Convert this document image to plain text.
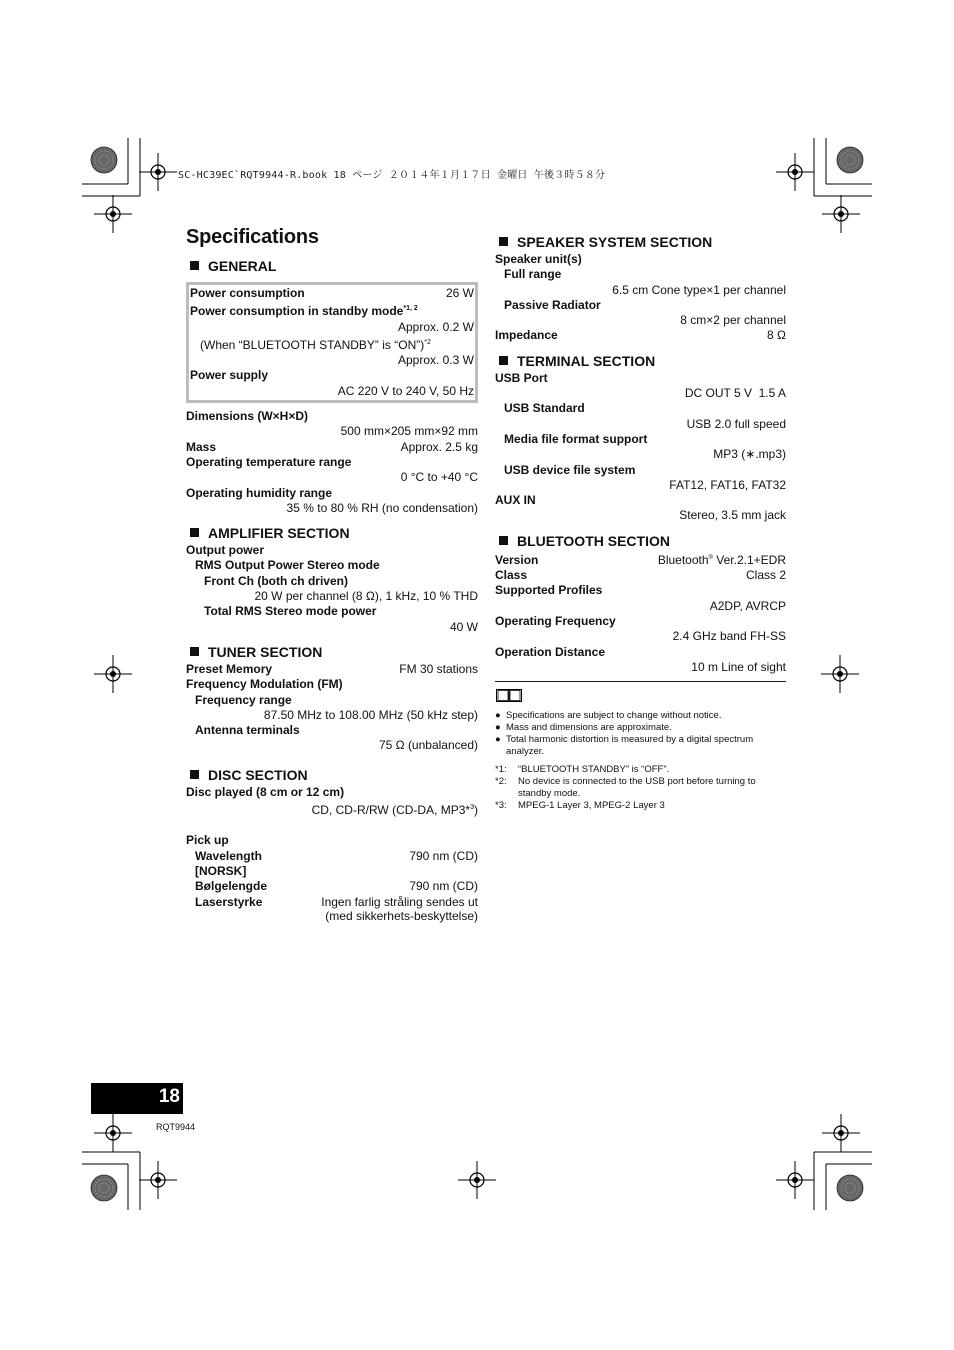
SC-HC39EC`RQT9944-R.book 18 ページ ２０１４年１月１７日 金曜日 午後３時５８分
Specifications
GENERAL
Power consumption	26 W
Power consumption in standby mode$^{*1, 2}$
Approx. 0.2 W
(When “BLUETOOTH STANDBY” is “ON”)$^{*2}$
Approx. 0.3 W
Power supply
AC 220 V to 240 V, 50 Hz
Dimensions (W×H×D)
500 mm×205 mm×92 mm
Mass	Approx. 2.5 kg
Operating temperature range
0 °C to +40 °C
Operating humidity range
35 % to 80 % RH (no condensation)
AMPLIFIER SECTION
Output power
RMS Output Power Stereo mode
Front Ch (both ch driven)
20 W per channel (8 Ω), 1 kHz, 10 % THD
Total RMS Stereo mode power
40 W
TUNER SECTION
Preset Memory	FM 30 stations
Frequency Modulation (FM)
Frequency range
87.50 MHz to 108.00 MHz (50 kHz step)
Antenna terminals
75 Ω (unbalanced)
DISC SECTION
Disc played (8 cm or 12 cm)
CD, CD-R/RW (CD-DA, MP3*$^3$)
Pick up
Wavelength	790 nm (CD)
[NORSK]
Bølgelengde	790 nm (CD)
Laserstyrke	Ingen farlig stråling sendes ut
(med sikkerhets-beskyttelse)
SPEAKER SYSTEM SECTION
Speaker unit(s)
Full range
6.5 cm Cone type×1 per channel
Passive Radiator
8 cm×2 per channel
Impedance	8 Ω
TERMINAL SECTION
USB Port
DC OUT 5 V  1.5 A
USB Standard
USB 2.0 full speed
Media file format support
MP3 (∗.mp3)
USB device file system
FAT12, FAT16, FAT32
AUX IN
Stereo, 3.5 mm jack
BLUETOOTH SECTION
Version	Bluetooth® Ver.2.1+EDR
Class	Class 2
Supported Profiles
A2DP, AVRCP
Operating Frequency
2.4 GHz band FH-SS
Operation Distance
10 m Line of sight
● Specifications are subject to change without notice.
● Mass and dimensions are approximate.
● Total harmonic distortion is measured by a digital spectrum analyzer.
*1:	“BLUETOOTH STANDBY” is “OFF”.
*2:	No device is connected to the USB port before turning to standby mode.
*3:	MPEG-1 Layer 3, MPEG-2 Layer 3
18
RQT9944
